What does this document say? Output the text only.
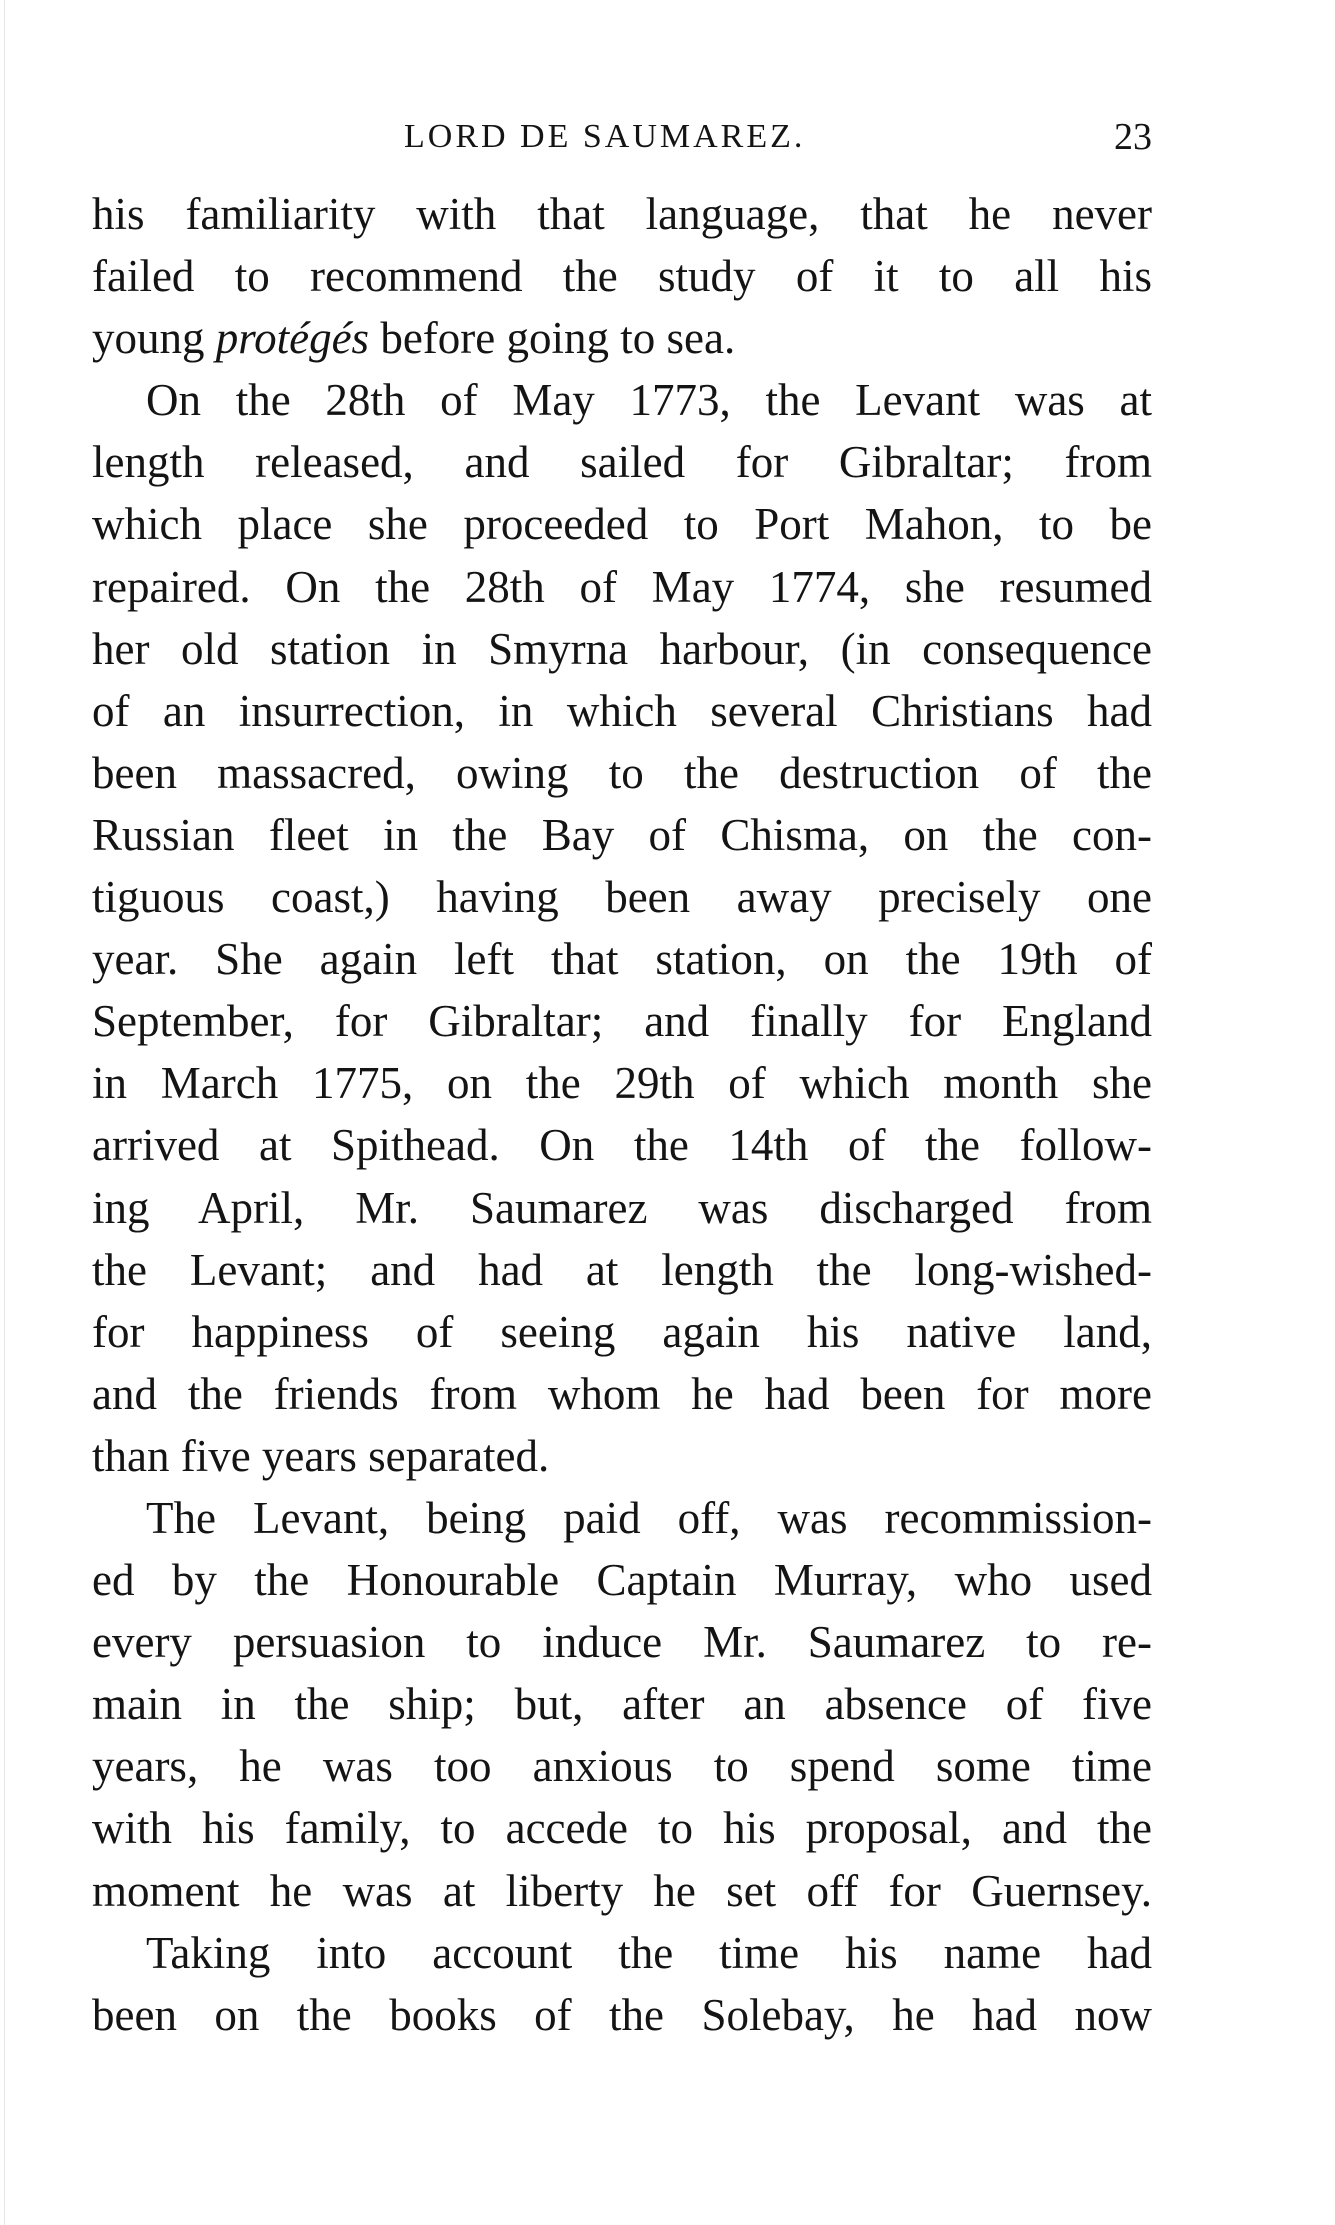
LORD DE SAUMAREZ.	23
his familiarity with that language, that he never
failed to recommend the study of it to all his
young protégés before going to sea.
On the 28th of May 1773, the Levant was at
length released, and sailed for Gibraltar; from
which place she proceeded to Port Mahon, to be
repaired. On the 28th of May 1774, she resumed
her old station in Smyrna harbour, (in consequence
of an insurrection, in which several Christians had
been massacred, owing to the destruction of the
Russian fleet in the Bay of Chisma, on the con-
tiguous coast,) having been away precisely one
year. She again left that station, on the 19th of
September, for Gibraltar; and finally for England
in March 1775, on the 29th of which month she
arrived at Spithead. On the 14th of the follow-
ing April, Mr. Saumarez was discharged from
the Levant; and had at length the long-wished-
for happiness of seeing again his native land,
and the friends from whom he had been for more
than five years separated.
The Levant, being paid off, was recommission-
ed by the Honourable Captain Murray, who used
every persuasion to induce Mr. Saumarez to re-
main in the ship; but, after an absence of five
years, he was too anxious to spend some time
with his family, to accede to his proposal, and the
moment he was at liberty he set off for Guernsey.
Taking into account the time his name had
been on the books of the Solebay, he had now
